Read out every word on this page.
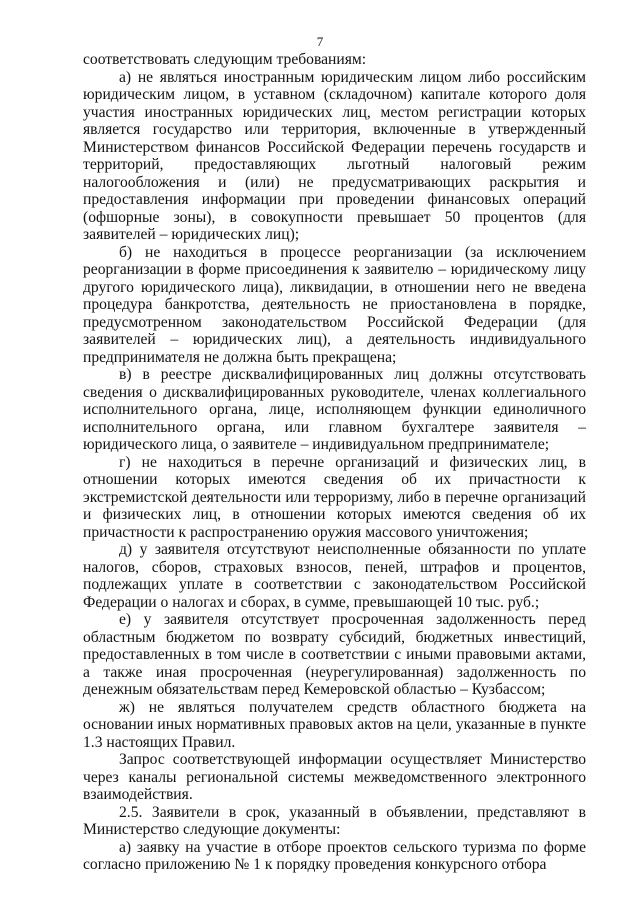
7

соответствовать следующим требованиям:

а) не являться иностранным юридическим лицом либо российским юридическим лицом, в уставном (складочном) капитале которого доля участия иностранных юридических лиц, местом регистрации которых является государство или территория, включенные в утвержденный Министерством финансов Российской Федерации перечень государств и территорий, предоставляющих льготный налоговый режим налогообложения и (или) не предусматривающих раскрытия и предоставления информации при проведении финансовых операций (офшорные зоны), в совокупности превышает 50 процентов (для заявителей – юридических лиц);

б) не находиться в процессе реорганизации (за исключением реорганизации в форме присоединения к заявителю – юридическому лицу другого юридического лица), ликвидации, в отношении него не введена процедура банкротства, деятельность не приостановлена в порядке, предусмотренном законодательством Российской Федерации (для заявителей – юридических лиц), а деятельность индивидуального предпринимателя не должна быть прекращена;

в) в реестре дисквалифицированных лиц должны отсутствовать сведения о дисквалифицированных руководителе, членах коллегиального исполнительного органа, лице, исполняющем функции единоличного исполнительного органа, или главном бухгалтере заявителя – юридического лица, о заявителе – индивидуальном предпринимателе;

г) не находиться в перечне организаций и физических лиц, в отношении которых имеются сведения об их причастности к экстремистской деятельности или терроризму, либо в перечне организаций и физических лиц, в отношении которых имеются сведения об их причастности к распространению оружия массового уничтожения;

д) у заявителя отсутствуют неисполненные обязанности по уплате налогов, сборов, страховых взносов, пеней, штрафов и процентов, подлежащих уплате в соответствии с законодательством Российской Федерации о налогах и сборах, в сумме, превышающей 10 тыс. руб.;

е) у заявителя отсутствует просроченная задолженность перед областным бюджетом по возврату субсидий, бюджетных инвестиций, предоставленных в том числе в соответствии с иными правовыми актами, а также иная просроченная (неурегулированная) задолженность по денежным обязательствам перед Кемеровской областью – Кузбассом;

ж) не являться получателем средств областного бюджета на основании иных нормативных правовых актов на цели, указанные в пункте 1.3 настоящих Правил.

Запрос соответствующей информации осуществляет Министерство через каналы региональной системы межведомственного электронного взаимодействия.

2.5. Заявители в срок, указанный в объявлении, представляют в Министерство следующие документы:

а) заявку на участие в отборе проектов сельского туризма по форме согласно приложению № 1 к порядку проведения конкурсного отбора
